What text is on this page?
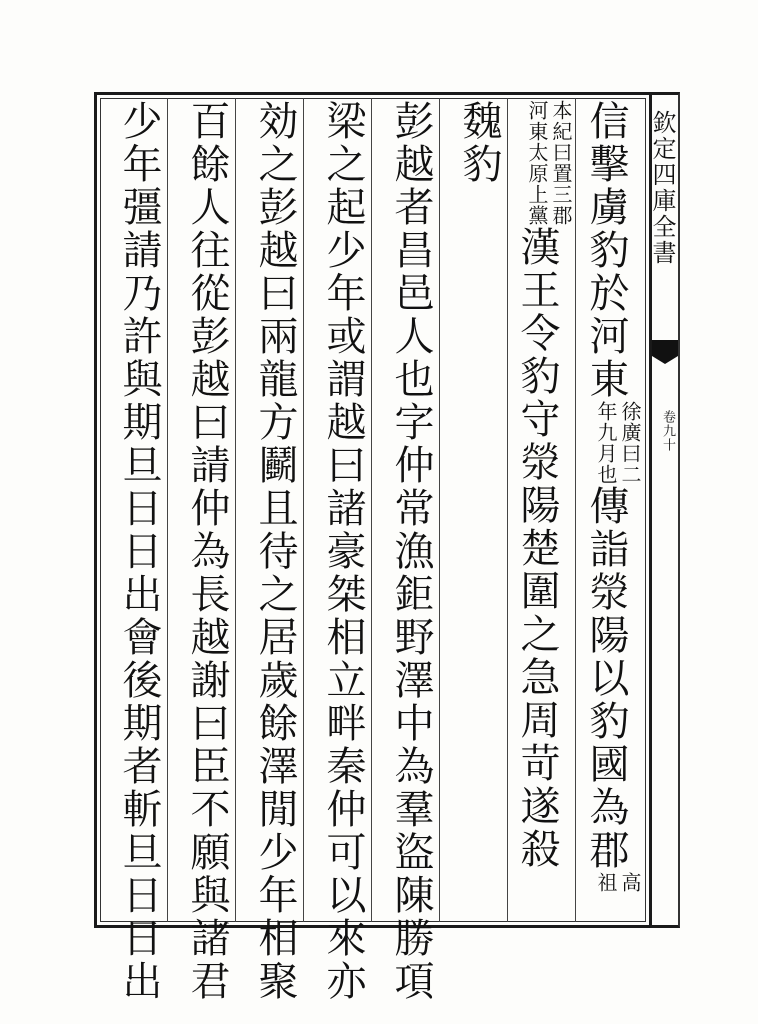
欽定四庫全書
卷九十
信擊虜豹於河東徐廣曰二
年九月也傳詣滎陽以豹國為郡高
祖
本紀曰置三郡
河東太原上黨漢王令豹守滎陽楚圍之急周苛遂殺
魏豹
彭越者昌邑人也字仲常漁鉅野澤中為羣盜陳勝項
梁之起少年或謂越曰諸豪桀相立畔秦仲可以來亦
効之彭越曰兩龍方鬬且待之居歲餘澤閒少年相聚
百餘人往從彭越曰請仲為長越謝曰臣不願與諸君
少年彊請乃許與期旦日日出會後期者斬旦日日出
